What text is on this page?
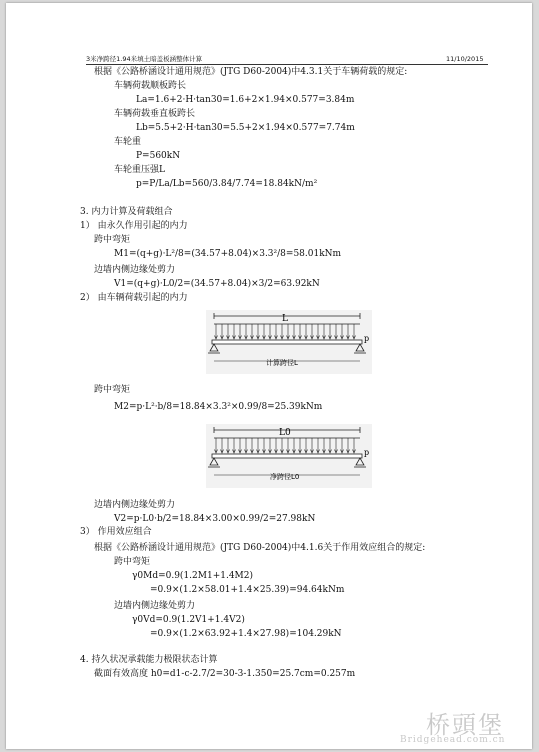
3米净跨径1.94米填土暗盖板涵整体计算	11/10/2015
根据《公路桥涵设计通用规范》(JTG D60-2004)中4.3.1关于车辆荷载的规定:
车辆荷载顺板跨长
La=1.6+2·H·tan30=1.6+2×1.94×0.577=3.84m
车辆荷载垂直板跨长
Lb=5.5+2·H·tan30=5.5+2×1.94×0.577=7.74m
车轮重
P=560kN
车轮重压强L
p=P/La/Lb=560/3.84/7.74=18.84kN/m²
3. 内力计算及荷载组合
1） 由永久作用引起的内力
跨中弯矩
M1=(q+g)·L²/8=(34.57+8.04)×3.3²/8=58.01kNm
边墙内侧边缘处剪力
V1=(q+g)·L0/2=(34.57+8.04)×3/2=63.92kN
2） 由车辆荷载引起的内力
L
p
计算跨径L
跨中弯矩
M2=p·L²·b/8=18.84×3.3²×0.99/8=25.39kNm
L0
p
净跨径L0
边墙内侧边缘处剪力
V2=p·L0·b/2=18.84×3.00×0.99/2=27.98kN
3） 作用效应组合
根据《公路桥涵设计通用规范》(JTG D60-2004)中4.1.6关于作用效应组合的规定:
跨中弯矩
γ0Md=0.9(1.2M1+1.4M2)
=0.9×(1.2×58.01+1.4×25.39)=94.64kNm
边墙内侧边缘处剪力
γ0Vd=0.9(1.2V1+1.4V2)
=0.9×(1.2×63.92+1.4×27.98)=104.29kN
4. 持久状况承载能力极限状态计算
截面有效高度 h0=d1-c-2.7/2=30-3-1.350=25.7cm=0.257m
桥頭堡
Bridgehead.com.cn
